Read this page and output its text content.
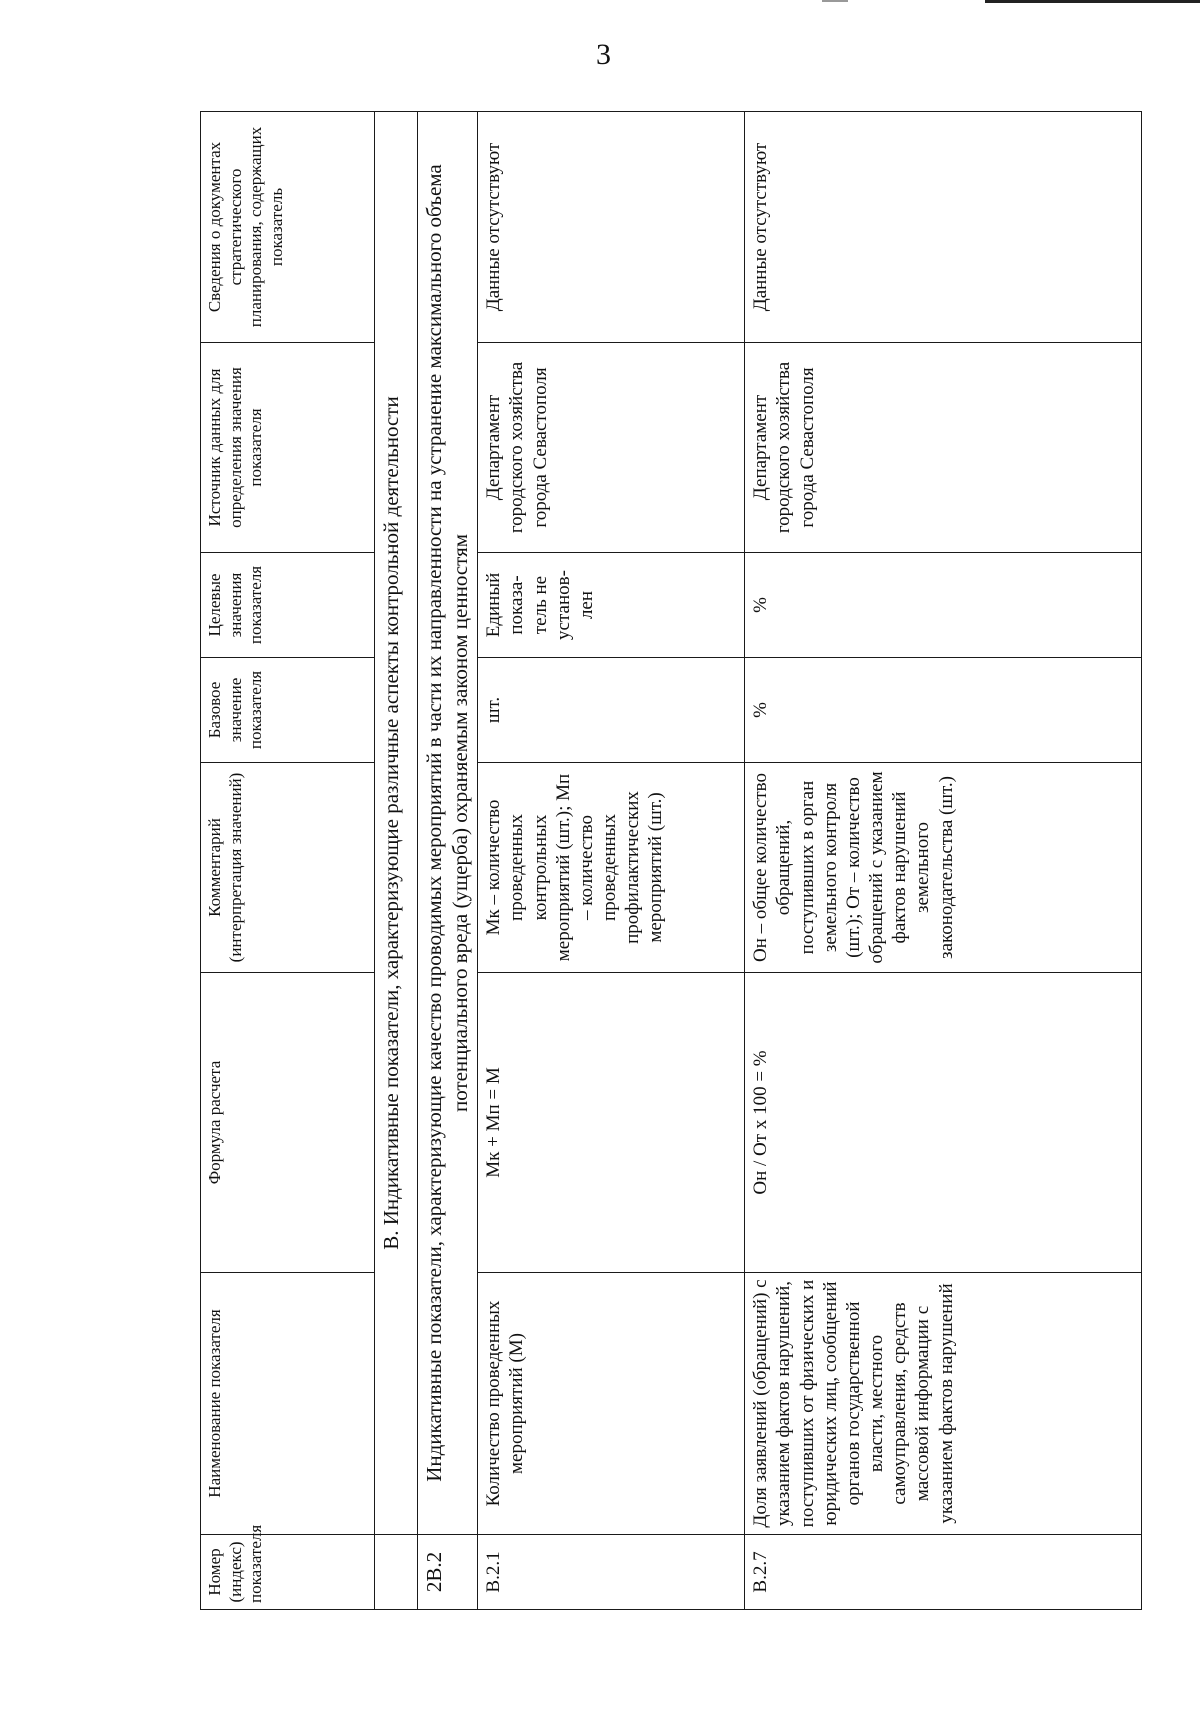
3
Номер (индекс) показателя	Наименование показателя	Формула расчета	Комментарий (интерпретация значений)	Базовое значение показателя	Целевые значения показателя	Источник данных для определения значения показателя	Сведения о документах стратегического планирования, содержащих показатель
	В. Индикативные показатели, характеризующие различные аспекты контрольной деятельности						
2В.2	Индикативные показатели, характеризующие качество проводимых мероприятий в части их направленности на устранение максимального объема потенциального вреда (ущерба) охраняемым законом ценностям						
В.2.1	Количество проведенных мероприятий (М)	Мк + Мп = М	Мк – количество проведенных контрольных мероприятий (шт.); Мп – количество проведенных профилактических мероприятий (шт.)	шт.	Единый показа-тель не установ-лен	Департамент городского хозяйства города Севастополя	Данные отсутствуют
В.2.7	Доля заявлений (обращений) с указанием фактов нарушений, поступивших от физических и юридических лиц, сообщений органов государственной власти, местного самоуправления, средств массовой информации с указанием фактов нарушений	Он / От х 100 = %	Он – общее количество обращений, поступивших в орган земельного контроля (шт.); От – количество обращений с указанием фактов нарушений земельного законодательства (шт.)	%	%	Департамент городского хозяйства города Севастополя	Данные отсутствуют
